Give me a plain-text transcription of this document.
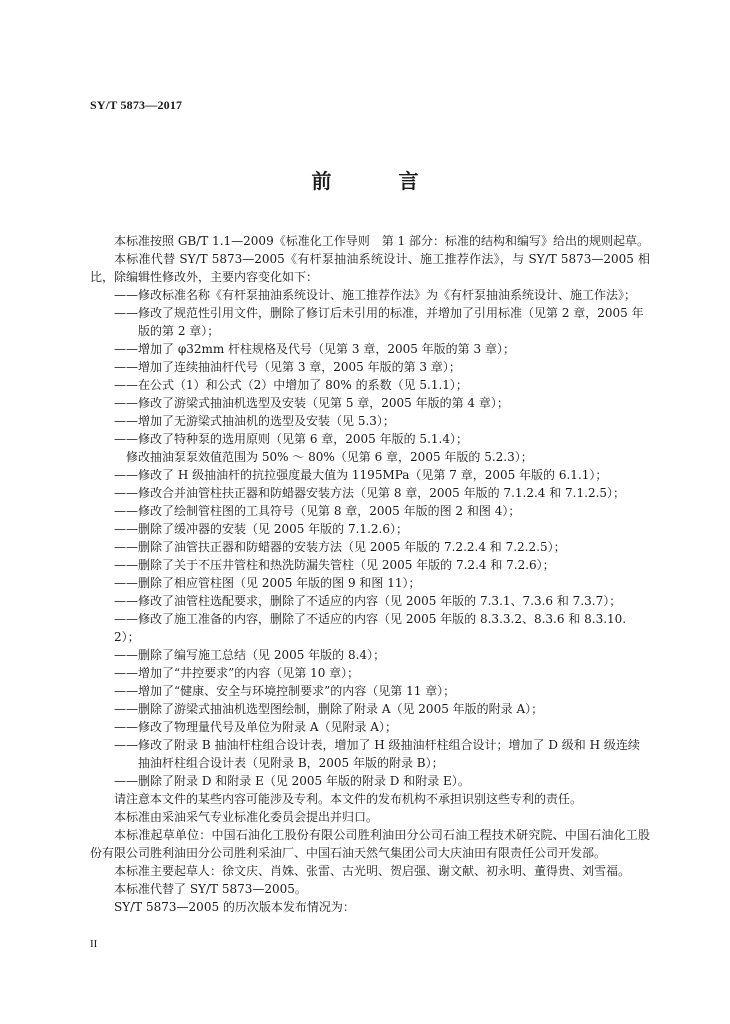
SY/T 5873—2017
前 言

本标准按照 GB/T 1.1—2009《标准化工作导则　第 1 部分：标准的结构和编写》给出的规则起草。

本标准代替 SY/T 5873—2005《有杆泵抽油系统设计、施工推荐作法》，与 SY/T 5873—2005 相比，除编辑性修改外，主要内容变化如下：

——修改标准名称《有杆泵抽油系统设计、施工推荐作法》为《有杆泵抽油系统设计、施工作法》；

——修改了规范性引用文件，删除了修订后未引用的标准，并增加了引用标准（见第 2 章，2005 年版的第 2 章）；

——增加了 φ32mm 杆柱规格及代号（见第 3 章，2005 年版的第 3 章）；

——增加了连续抽油杆代号（见第 3 章，2005 年版的第 3 章）；

——在公式（1）和公式（2）中增加了 80% 的系数（见 5.1.1）；

——修改了游梁式抽油机选型及安装（见第 5 章，2005 年版的第 4 章）；

——增加了无游梁式抽油机的选型及安装（见 5.3）；

——修改了特种泵的选用原则（见第 6 章，2005 年版的 5.1.4）；

　修改抽油泵泵效值范围为 50% ～ 80%（见第 6 章，2005 年版的 5.2.3）；

——修改了 H 级抽油杆的抗拉强度最大值为 1195MPa（见第 7 章，2005 年版的 6.1.1）；

——修改合并油管柱扶正器和防蜡器安装方法（见第 8 章，2005 年版的 7.1.2.4 和 7.1.2.5）；

——修改了绘制管柱图的工具符号（见第 8 章，2005 年版的图 2 和图 4）；

——删除了缓冲器的安装（见 2005 年版的 7.1.2.6）；

——删除了油管扶正器和防蜡器的安装方法（见 2005 年版的 7.2.2.4 和 7.2.2.5）；

——删除了关于不压井管柱和热洗防漏失管柱（见 2005 年版的 7.2.4 和 7.2.6）；

——删除了相应管柱图（见 2005 年版的图 9 和图 11）；

——修改了油管柱选配要求，删除了不适应的内容（见 2005 年版的 7.3.1、7.3.6 和 7.3.7）；

——修改了施工准备的内容，删除了不适应的内容（见 2005 年版的 8.3.3.2、8.3.6 和 8.3.10.2）；

——删除了编写施工总结（见 2005 年版的 8.4）；

——增加了“井控要求”的内容（见第 10 章）；

——增加了“健康、安全与环境控制要求”的内容（见第 11 章）；

——删除了游梁式抽油机选型图绘制，删除了附录 A（见 2005 年版的附录 A）；

——修改了物理量代号及单位为附录 A（见附录 A）；

——修改了附录 B 抽油杆柱组合设计表，增加了 H 级抽油杆柱组合设计；增加了 D 级和 H 级连续抽油杆柱组合设计表（见附录 B，2005 年版的附录 B）；

——删除了附录 D 和附录 E（见 2005 年版的附录 D 和附录 E）。

请注意本文件的某些内容可能涉及专利。本文件的发布机构不承担识别这些专利的责任。

本标准由采油采气专业标准化委员会提出并归口。

本标准起草单位：中国石油化工股份有限公司胜利油田分公司石油工程技术研究院、中国石油化工股份有限公司胜利油田分公司胜利采油厂、中国石油天然气集团公司大庆油田有限责任公司开发部。

本标准主要起草人：徐文庆、肖姝、张雷、古光明、贺启强、谢文献、初永明、董得贵、刘雪福。

本标准代替了 SY/T 5873—2005。

SY/T 5873—2005 的历次版本发布情况为：

II
